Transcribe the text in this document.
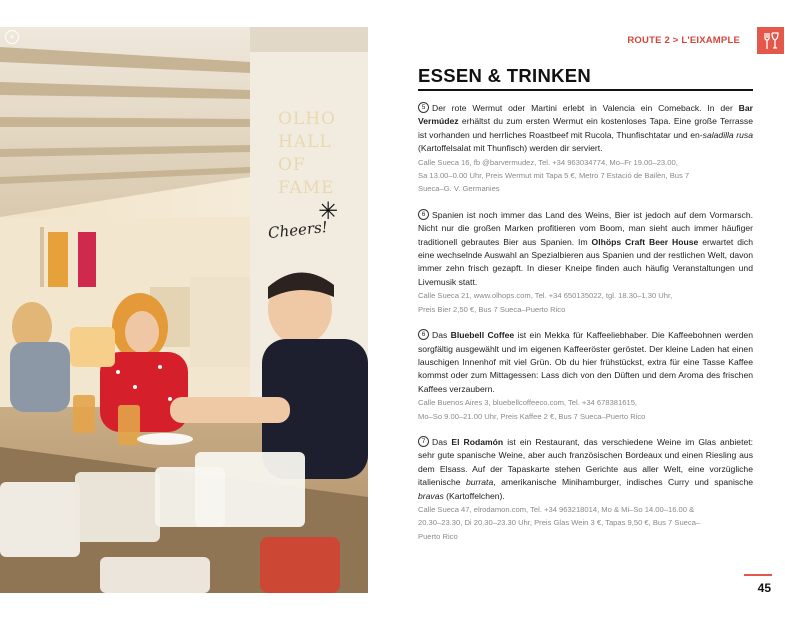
+
OLHO
HALL
OF
FAME
✳
Cheers!
ROUTE 2 > L'EIXAMPLE
ESSEN & TRINKEN

5 Der rote Wermut oder Martini erlebt in Valencia ein Comeback. In der Bar Vermúdez erhältst du zum ersten Wermut ein kostenloses Tapa. Eine große Terrasse ist vorhanden und herrliches Roastbeef mit Rucola, Thunfischtatar und en-saladilla rusa (Kartoffelsalat mit Thunfisch) werden dir serviert.

Calle Sueca 16, fb @barvermudez, Tel. +34 963034774, Mo–Fr 19.00–23.00,
Sa 13.00–0.00 Uhr, Preis Wermut mit Tapa 5 €, Metro 7 Estació de Bailèn, Bus 7
Sueca–G. V. Germanies

6 Spanien ist noch immer das Land des Weins, Bier ist jedoch auf dem Vormarsch. Nicht nur die großen Marken profitieren vom Boom, man sieht auch immer häufiger traditionell gebrautes Bier aus Spanien. Im Olhöps Craft Beer House erwartet dich eine wechselnde Auswahl an Spezialbieren aus Spanien und der restlichen Welt, davon immer zehn frisch gezapft. In dieser Kneipe finden auch häufig Veranstaltungen und Livemusik statt.

Calle Sueca 21, www.olhops.com, Tel. +34 650135022, tgl. 18.30–1.30 Uhr,
Preis Bier 2,50 €, Bus 7 Sueca–Puerto Rico

6 Das Bluebell Coffee ist ein Mekka für Kaffeeliebhaber. Die Kaffeebohnen werden sorgfältig ausgewählt und im eigenen Kaffeeröster geröstet. Der kleine Laden hat einen lauschigen Innenhof mit viel Grün. Ob du hier frühstückst, extra für eine Tasse Kaffee kommst oder zum Mittagessen: Lass dich von den Düften und dem Aroma des frischen Kaffees verzaubern.

Calle Buenos Aires 3, bluebellcoffeeco.com, Tel. +34 678381615,
Mo–So 9.00–21.00 Uhr, Preis Kaffee 2 €, Bus 7 Sueca–Puerto Rico

7 Das El Rodamón ist ein Restaurant, das verschiedene Weine im Glas anbietet: sehr gute spanische Weine, aber auch französischen Bordeaux und einen Riesling aus dem Elsass. Auf der Tapaskarte stehen Gerichte aus aller Welt, eine vorzügliche italienische burrata, amerikanische Minihamburger, indisches Curry und spanische bravas (Kartoffelchen).

Calle Sueca 47, elrodamon.com, Tel. +34 963218014, Mo & Mi–So 14.00–16.00 &
20.30–23.30, Di 20.30–23.30 Uhr, Preis Glas Wein 3 €, Tapas 9,50 €, Bus 7 Sueca–
Puerto Rico

45
